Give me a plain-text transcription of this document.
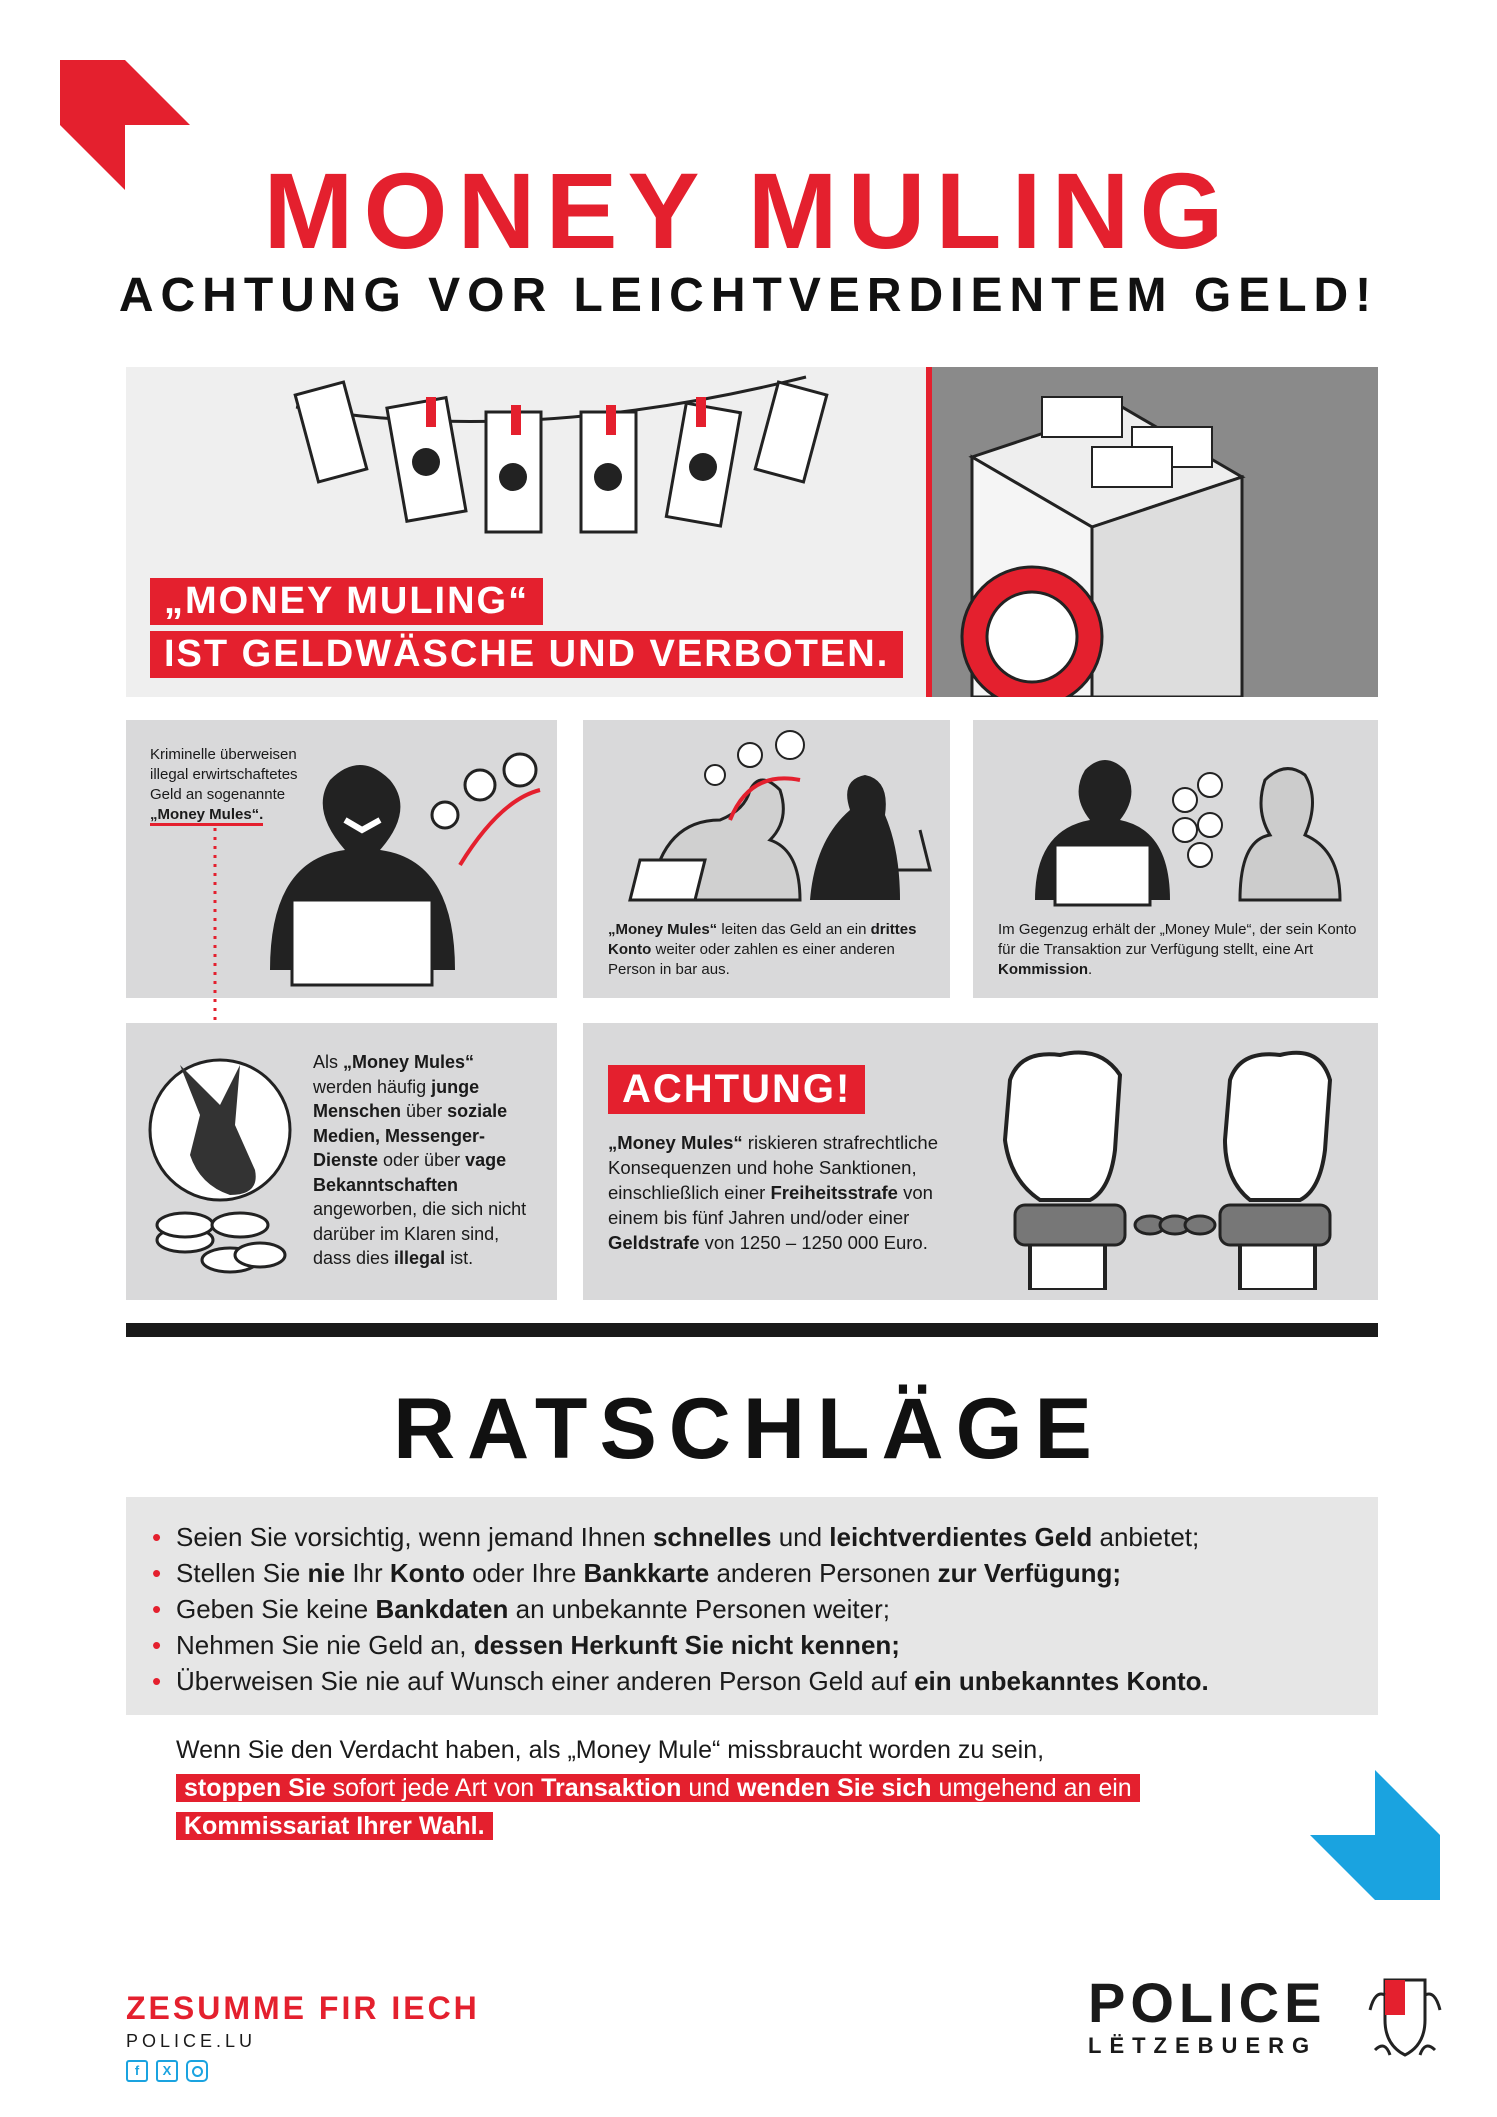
MONEY MULING
ACHTUNG VOR LEICHTVERDIENTEM GELD!
„MONEY MULING“
IST GELDWÄSCHE UND VERBOTEN.
Kriminelle überweisen illegal erwirtschaftetes Geld an sogenannte „Money Mules“.
„Money Mules“ leiten das Geld an ein drittes Konto weiter oder zahlen es einer anderen Person in bar aus.
Im Gegenzug erhält der „Money Mule“, der sein Konto für die Transaktion zur Verfügung stellt, eine Art Kommission.
Als „Money Mules“ werden häufig junge Menschen über soziale Medien, Messenger-Dienste oder über vage Bekanntschaften angeworben, die sich nicht darüber im Klaren sind, dass dies illegal ist.
ACHTUNG!
„Money Mules“ riskieren strafrechtliche Konsequenzen und hohe Sanktionen, einschließlich einer Freiheitsstrafe von einem bis fünf Jahren und/oder einer Geldstrafe von 1250 – 1250 000 Euro.
RATSCHLÄGE
• Seien Sie vorsichtig, wenn jemand Ihnen schnelles und leichtverdientes Geld anbietet;
• Stellen Sie nie Ihr Konto oder Ihre Bankkarte anderen Personen zur Verfügung;
• Geben Sie keine Bankdaten an unbekannte Personen weiter;
• Nehmen Sie nie Geld an, dessen Herkunft Sie nicht kennen;
• Überweisen Sie nie auf Wunsch einer anderen Person Geld auf ein unbekanntes Konto.
Wenn Sie den Verdacht haben, als „Money Mule“ missbraucht worden zu sein,
stoppen Sie sofort jede Art von Transaktion und wenden Sie sich umgehend an ein
Kommissariat Ihrer Wahl.
ZESUMME FIR IECH
POLICE.LU
f	X
POLICE
LËTZEBUERG
